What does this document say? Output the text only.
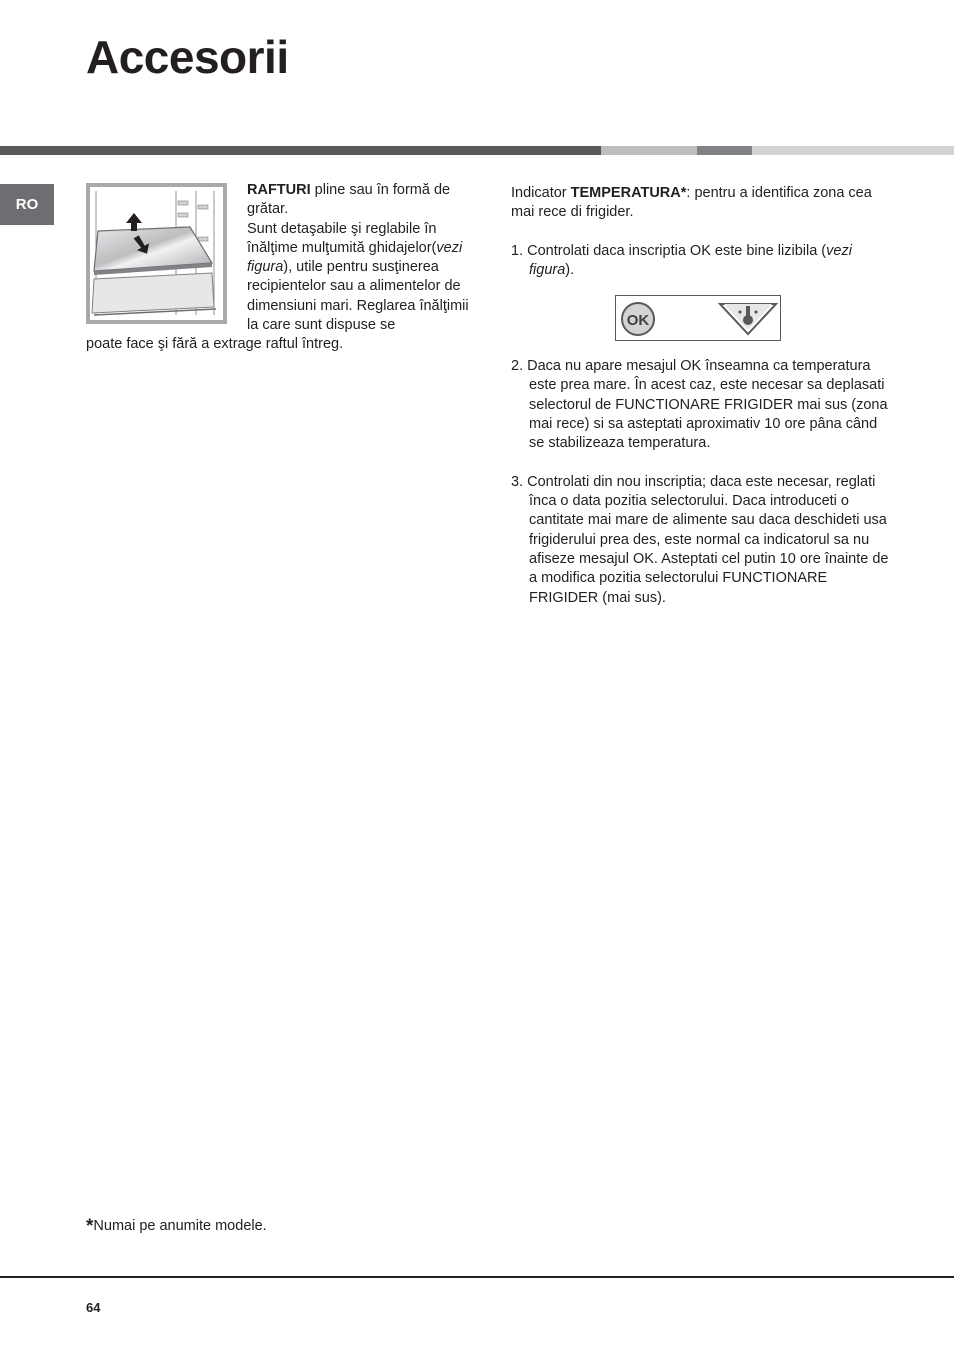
Accesorii
RO
RAFTURI pline sau în formă de grătar.
Sunt detaşabile şi reglabile în înălţime mulţumită ghidajelor(vezi figura), utile pentru susţinerea recipientelor sau a alimentelor de dimensiuni mari. Reglarea înălţimii la care sunt dispuse se
poate face şi fără a extrage raftul întreg.

Indicator TEMPERATURA*: pentru a identifica zona cea mai rece di frigider.

1. Controlati daca inscriptia OK este bine lizibila (vezi figura).

OK

2. Daca nu apare mesajul OK înseamna ca temperatura este prea mare. În acest caz, este necesar sa deplasati selectorul de FUNCTIONARE FRIGIDER mai sus (zona mai rece) si sa asteptati aproximativ 10 ore pâna când se stabilizeaza temperatura.

3. Controlati din nou inscriptia; daca este necesar, reglati înca o data pozitia selectorului. Daca introduceti o cantitate mai mare de alimente sau daca deschideti usa frigiderului prea des, este normal ca indicatorul sa nu afiseze mesajul OK. Asteptati cel putin 10 ore înainte de a modifica pozitia selectorului FUNCTIONARE FRIGIDER (mai sus).

*Numai pe anumite modele.
64
